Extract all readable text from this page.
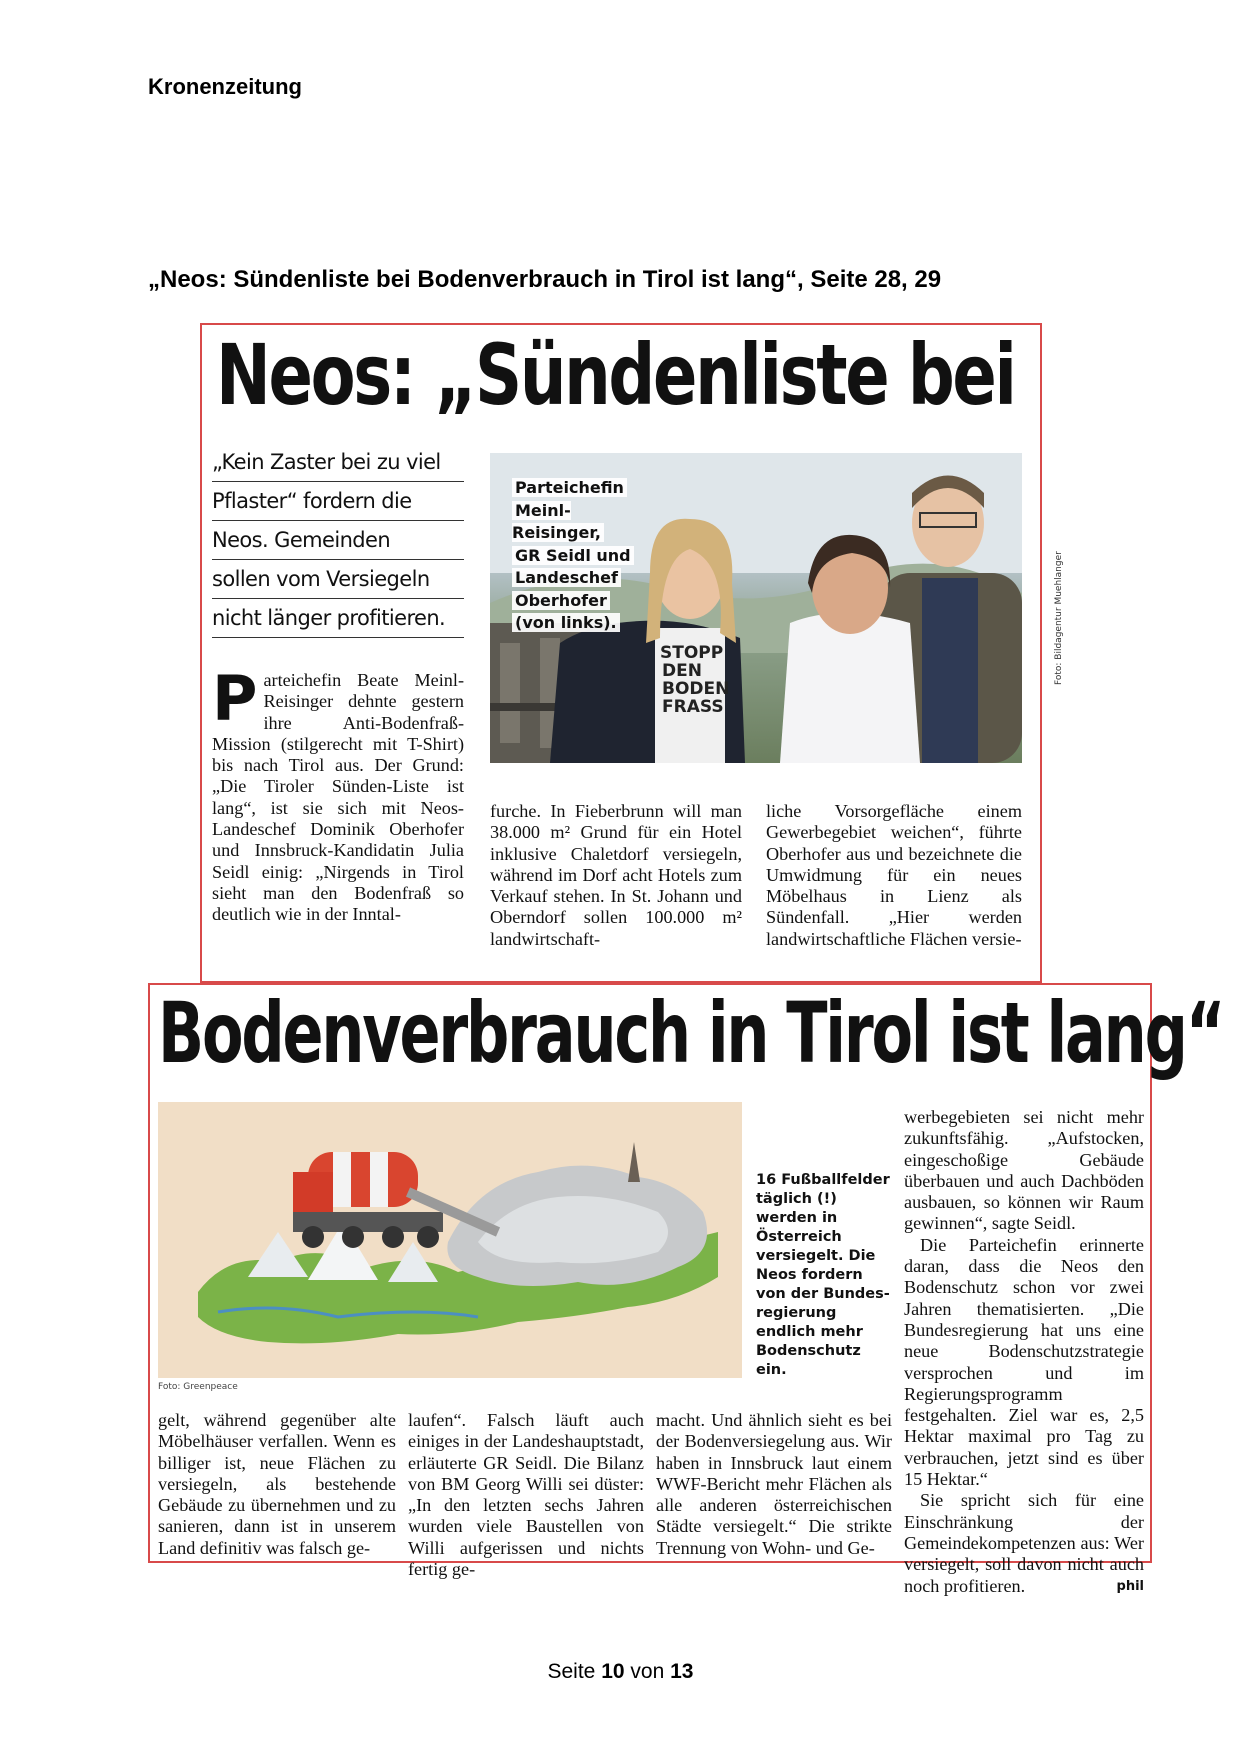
Kronenzeitung
„Neos: Sündenliste bei Bodenverbrauch in Tirol ist lang“, Seite 28, 29
Neos: „Sündenliste bei
„Kein Zaster bei zu viel
Pflaster“ fordern die
Neos. Gemeinden
sollen vom Versiegeln
nicht länger profitieren.
Parteichefin Beate Meinl-Reisinger dehnte gestern ihre Anti-Bodenfraß-Mission (stilgerecht mit T-Shirt) bis nach Tirol aus. Der Grund: „Die Tiroler Sünden-Liste ist lang“, ist sie sich mit Neos-Landeschef Dominik Oberhofer und Innsbruck-Kandidatin Julia Seidl einig: „Nirgends in Tirol sieht man den Bodenfraß so deutlich wie in der Inntal-
STOPP DEN BODEN FRASS
Parteichefin
Meinl-Reisinger,
GR Seidl und
Landeschef
Oberhofer
(von links).	Foto: Bildagentur Muehlanger
furche. In Fieberbrunn will man 38.000 m² Grund für ein Hotel inklusive Chaletdorf versiegeln, während im Dorf acht Hotels zum Verkauf stehen. In St. Johann und Oberndorf sollen 100.000 m² landwirtschaft-
liche Vorsorgefläche einem Gewerbegebiet weichen“, führte Oberhofer aus und bezeichnete die Umwidmung für ein neues Möbelhaus in Lienz als Sündenfall. „Hier werden landwirtschaftliche Flächen versie-
Bodenverbrauch in Tirol ist lang“
Foto: Greenpeace
16 Fußballfelder
täglich (!)
werden in
Österreich
versiegelt. Die
Neos fordern
von der Bundes-
regierung
endlich mehr
Bodenschutz
ein.
gelt, während gegenüber alte Möbelhäuser verfallen. Wenn es billiger ist, neue Flächen zu versiegeln, als bestehende Gebäude zu übernehmen und zu sanieren, dann ist in unserem Land definitiv was falsch ge-
laufen“. Falsch läuft auch einiges in der Landeshauptstadt, erläuterte GR Seidl. Die Bilanz von BM Georg Willi sei düster: „In den letzten sechs Jahren wurden viele Baustellen von Willi aufgerissen und nichts fertig ge-
macht. Und ähnlich sieht es bei der Bodenversiegelung aus. Wir haben in Innsbruck laut einem WWF-Bericht mehr Flächen als alle anderen österreichischen Städte versiegelt.“ Die strikte Trennung von Wohn- und Ge-

werbegebieten sei nicht mehr zukunftsfähig. „Aufstocken, eingeschoßige Gebäude überbauen und auch Dachböden ausbauen, so können wir Raum gewinnen“, sagte Seidl.

Die Parteichefin erinnerte daran, dass die Neos den Bodenschutz schon vor zwei Jahren thematisierten. „Die Bundesregierung hat uns eine neue Bodenschutzstrategie versprochen und im Regierungsprogramm festgehalten. Ziel war es, 2,5 Hektar maximal pro Tag zu verbrauchen, jetzt sind es über 15 Hektar.“

Sie spricht sich für eine Einschränkung der Gemeindekompetenzen aus: Wer versiegelt, soll davon nicht auch noch profitieren.	phil

Seite 10 von 13
